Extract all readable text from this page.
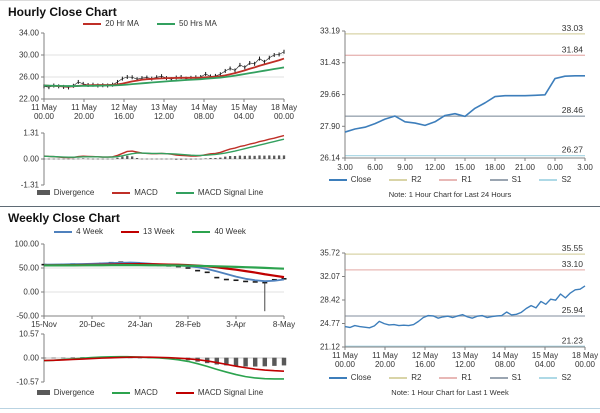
Hourly Close Chart
20 Hr MA	50 Hrs MA
34.00
30.00
26.00
22.00
11 May
00.00
11 May
20.00
12 May
16.00
13 May
12.00
14 May
08.00
15 May
04.00
18 May
00.00
1.31
0.00
-1.31
Divergence	MACD	MACD Signal Line
33.19
31.43
29.66
27.90
26.14
3.00 6.00 9.00 12.00 15.00 18.00 21.00 0.00 3.00
33.03
31.84
28.46
26.27
Close	R2	R1	S1	S2
Note: 1 Hour Chart for Last 24 Hours
Weekly Close Chart
4 Week	13 Week	40 Week
100.00
50.00
0.00
-50.00
15-Nov	20-Dec	24-Jan	28-Feb	3-Apr	8-May
10.57
0.00
-10.57
Divergence	MACD	MACD Signal Line
35.72
32.07
28.42
24.77
21.12
11 May
00.00
11 May
20.00
12 May
16.00
13 May
12.00
14 May
08.00
15 May
04.00
18 May
00.00
35.55
33.10
25.94
21.23
Close	R2	R1	S1	S2
Note: 1 Hour Chart for Last 1 Week
